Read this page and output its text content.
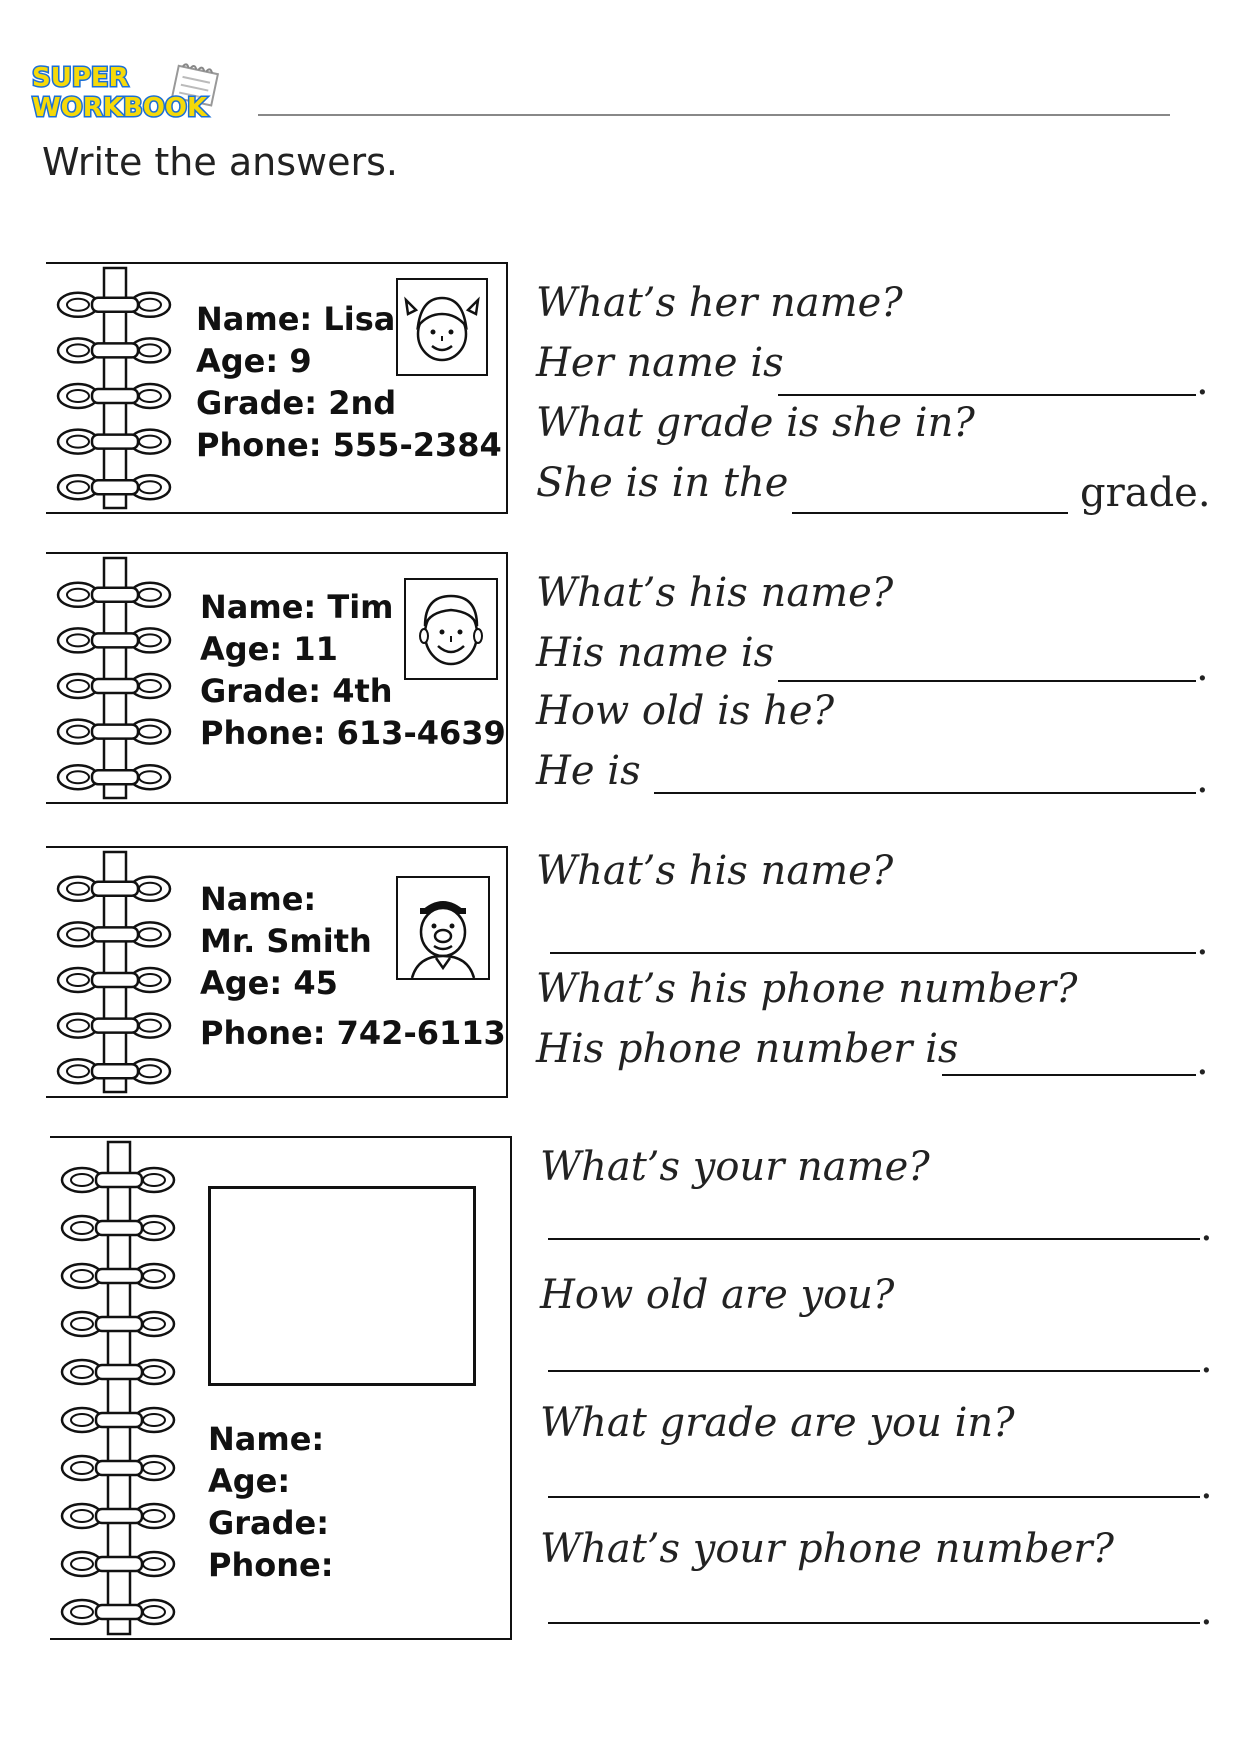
SUPER
WORKBOOK
Write the answers.
Name: Lisa
Age: 9
Grade: 2nd
Phone: 555-2384
What’s her name?
Her name is	.
What grade is she in?
She is in the	grade.
Name: Tim
Age: 11
Grade: 4th
Phone: 613-4639
What’s his name?
His name is	.
How old is he?
He is	.
Name:
Mr. Smith
Age: 45
Phone: 742-6113
What’s his name?
.
What’s his phone number?
His phone number is	.
Name:
Age:
Grade:
Phone:
What’s your name?
.
How old are you?
.
What grade are you in?
.
What’s your phone number?
.
